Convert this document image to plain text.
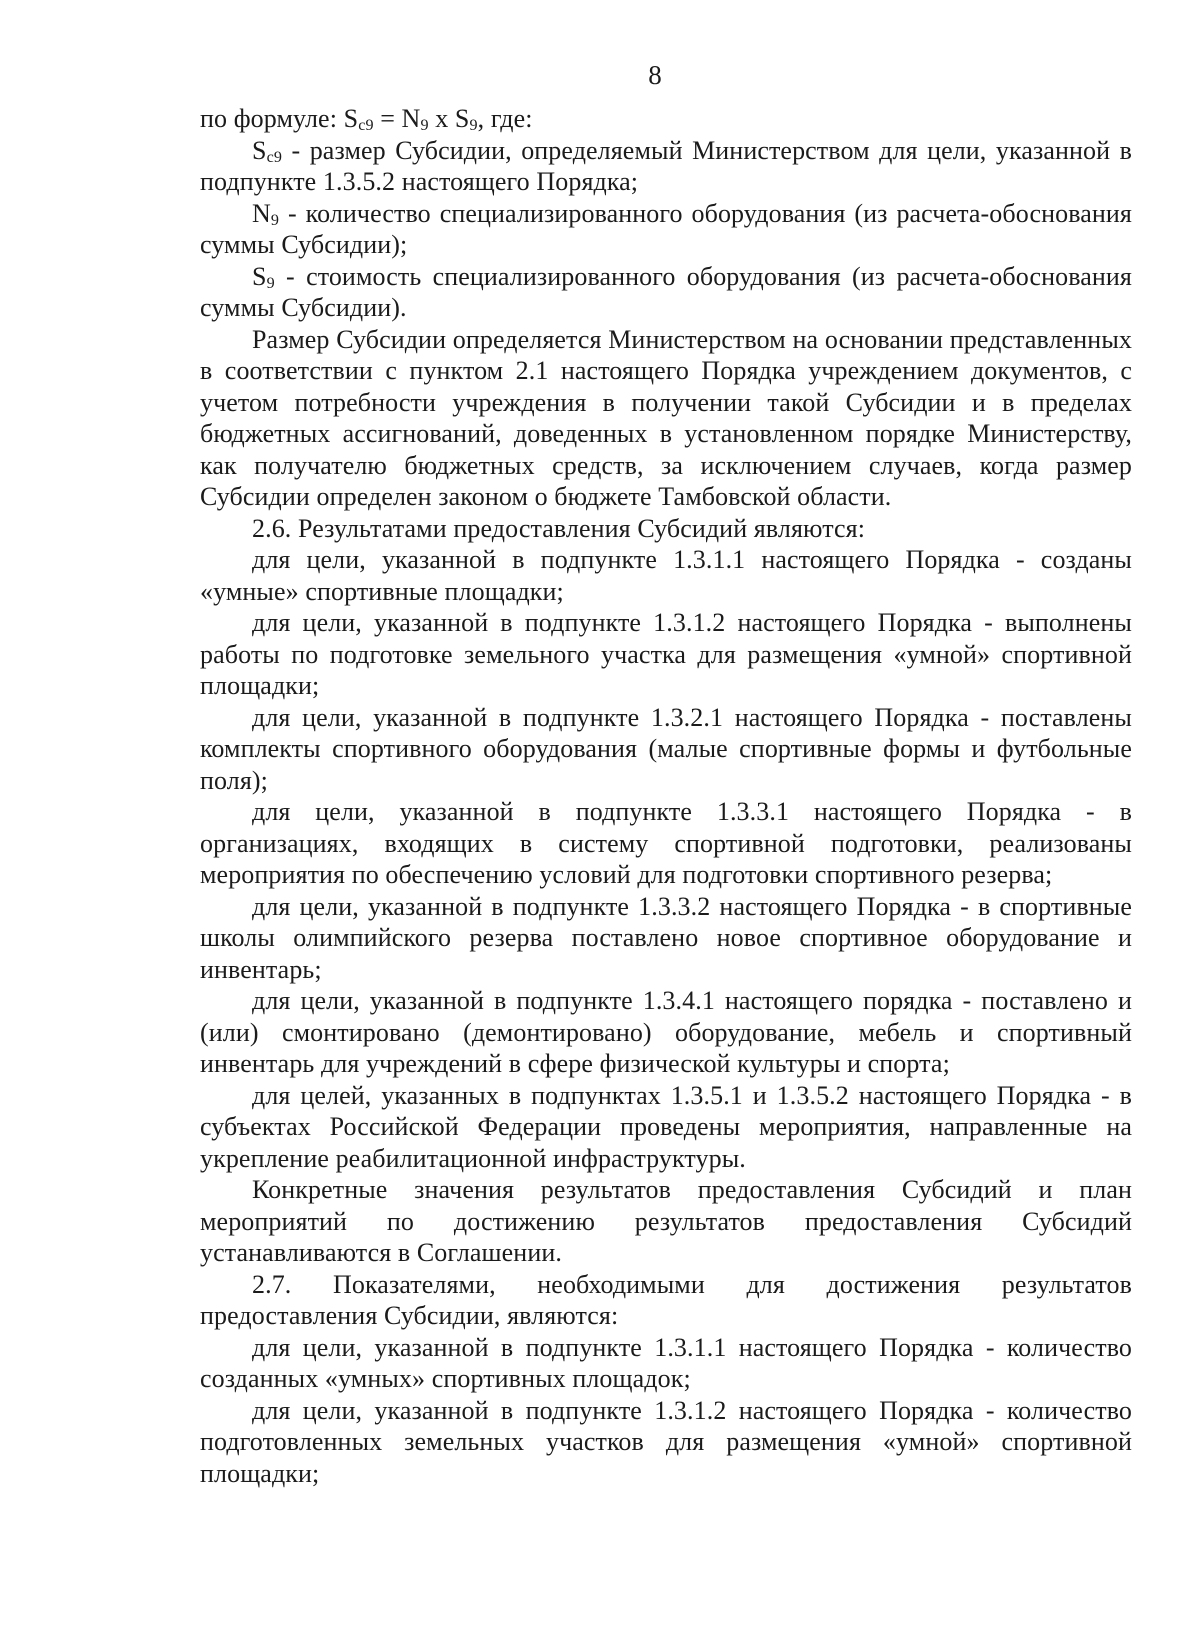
8

по формуле: $S_{с9} = N_9$ x $S_9$, где:

$S_{с9}$ - размер Субсидии, определяемый Министерством для цели, указанной в подпункте 1.3.5.2 настоящего Порядка;

$N_9$ - количество специализированного оборудования (из расчета-обоснования суммы Субсидии);

$S_9$ - стоимость специализированного оборудования (из расчета-обоснования суммы Субсидии).

Размер Субсидии определяется Министерством на основании представленных в соответствии с пунктом 2.1 настоящего Порядка учреждением документов, с учетом потребности учреждения в получении такой Субсидии и в пределах бюджетных ассигнований, доведенных в установленном порядке Министерству, как получателю бюджетных средств, за исключением случаев, когда размер Субсидии определен законом о бюджете Тамбовской области.

2.6. Результатами предоставления Субсидий являются:

для цели, указанной в подпункте 1.3.1.1 настоящего Порядка - созданы «умные» спортивные площадки;

для цели, указанной в подпункте 1.3.1.2 настоящего Порядка - выполнены работы по подготовке земельного участка для размещения «умной» спортивной площадки;

для цели, указанной в подпункте 1.3.2.1 настоящего Порядка - поставлены комплекты спортивного оборудования (малые спортивные формы и футбольные поля);

для цели, указанной в подпункте 1.3.3.1 настоящего Порядка - в организациях, входящих в систему спортивной подготовки, реализованы мероприятия по обеспечению условий для подготовки спортивного резерва;

для цели, указанной в подпункте 1.3.3.2 настоящего Порядка - в спортивные школы олимпийского резерва поставлено новое спортивное оборудование и инвентарь;

для цели, указанной в подпункте 1.3.4.1 настоящего порядка - поставлено и (или) смонтировано (демонтировано) оборудование, мебель и спортивный инвентарь для учреждений в сфере физической культуры и спорта;

для целей, указанных в подпунктах 1.3.5.1 и 1.3.5.2 настоящего Порядка - в субъектах Российской Федерации проведены мероприятия, направленные на укрепление реабилитационной инфраструктуры.

Конкретные значения результатов предоставления Субсидий и план мероприятий по достижению результатов предоставления Субсидий устанавливаются в Соглашении.

2.7. Показателями, необходимыми для достижения результатов предоставления Субсидии, являются:

для цели, указанной в подпункте 1.3.1.1 настоящего Порядка - количество созданных «умных» спортивных площадок;

для цели, указанной в подпункте 1.3.1.2 настоящего Порядка - количество подготовленных земельных участков для размещения «умной» спортивной площадки;
